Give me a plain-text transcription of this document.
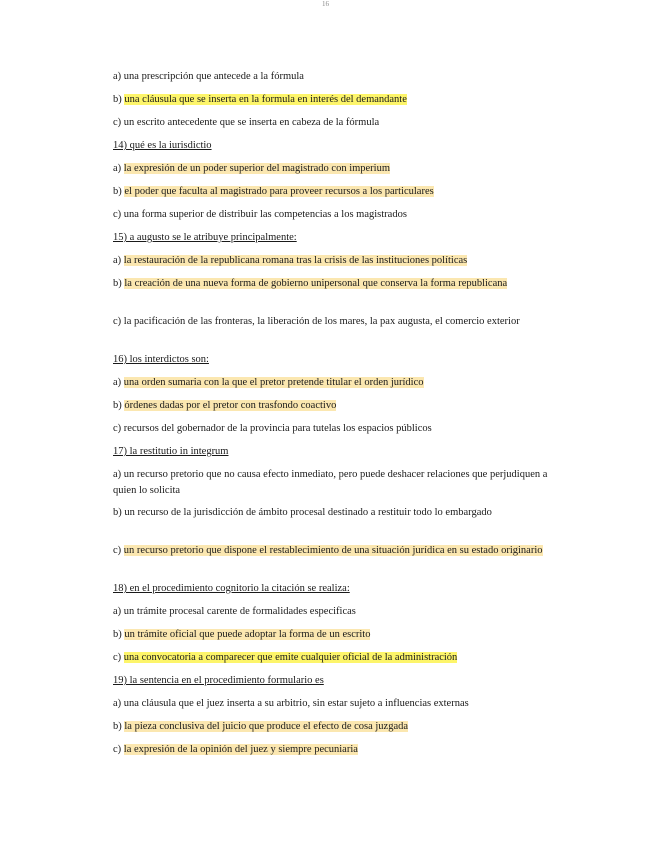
16
a) una prescripción que antecede a la fórmula
b) una cláusula que se inserta en la formula en interés del demandante
c) un escrito antecedente que se inserta en cabeza de la fórmula
14) qué es la iurisdictio
a) la expresión de un poder superior del magistrado con imperium
b) el poder que faculta al magistrado para proveer recursos a los particulares
c) una forma superior de distribuir las competencias a los magistrados
15) a augusto se le atribuye principalmente:
a) la restauración de la republicana romana tras la crisis de las instituciones políticas
b) la creación de una nueva forma de gobierno unipersonal que conserva la forma republicana
c) la pacificación de las fronteras, la liberación de los mares, la pax augusta, el comercio exterior
16) los interdictos son:
a) una orden sumaria con la que el pretor pretende titular el orden jurídico
b) órdenes dadas por el pretor con trasfondo coactivo
c) recursos del gobernador de la provincia para tutelas los espacios públicos
17) la restitutio in integrum
a) un recurso pretorio que no causa efecto inmediato, pero puede deshacer relaciones que perjudiquen a quien lo solicita
b) un recurso de la jurisdicción de ámbito procesal destinado a restituir todo lo embargado
c) un recurso pretorio que dispone el restablecimiento de una situación jurídica en su estado originario
18) en el procedimiento cognitorio la citación se realiza:
a) un trámite procesal carente de formalidades especificas
b) un trámite oficial que puede adoptar la forma de un escrito
c) una convocatoria a comparecer que emite cualquier oficial de la administración
19) la sentencia en el procedimiento formulario es
a) una cláusula que el juez inserta a su arbitrio, sin estar sujeto a influencias externas
b) la pieza conclusiva del juicio que produce el efecto de cosa juzgada
c) la expresión de la opinión del juez y siempre pecuniaria
